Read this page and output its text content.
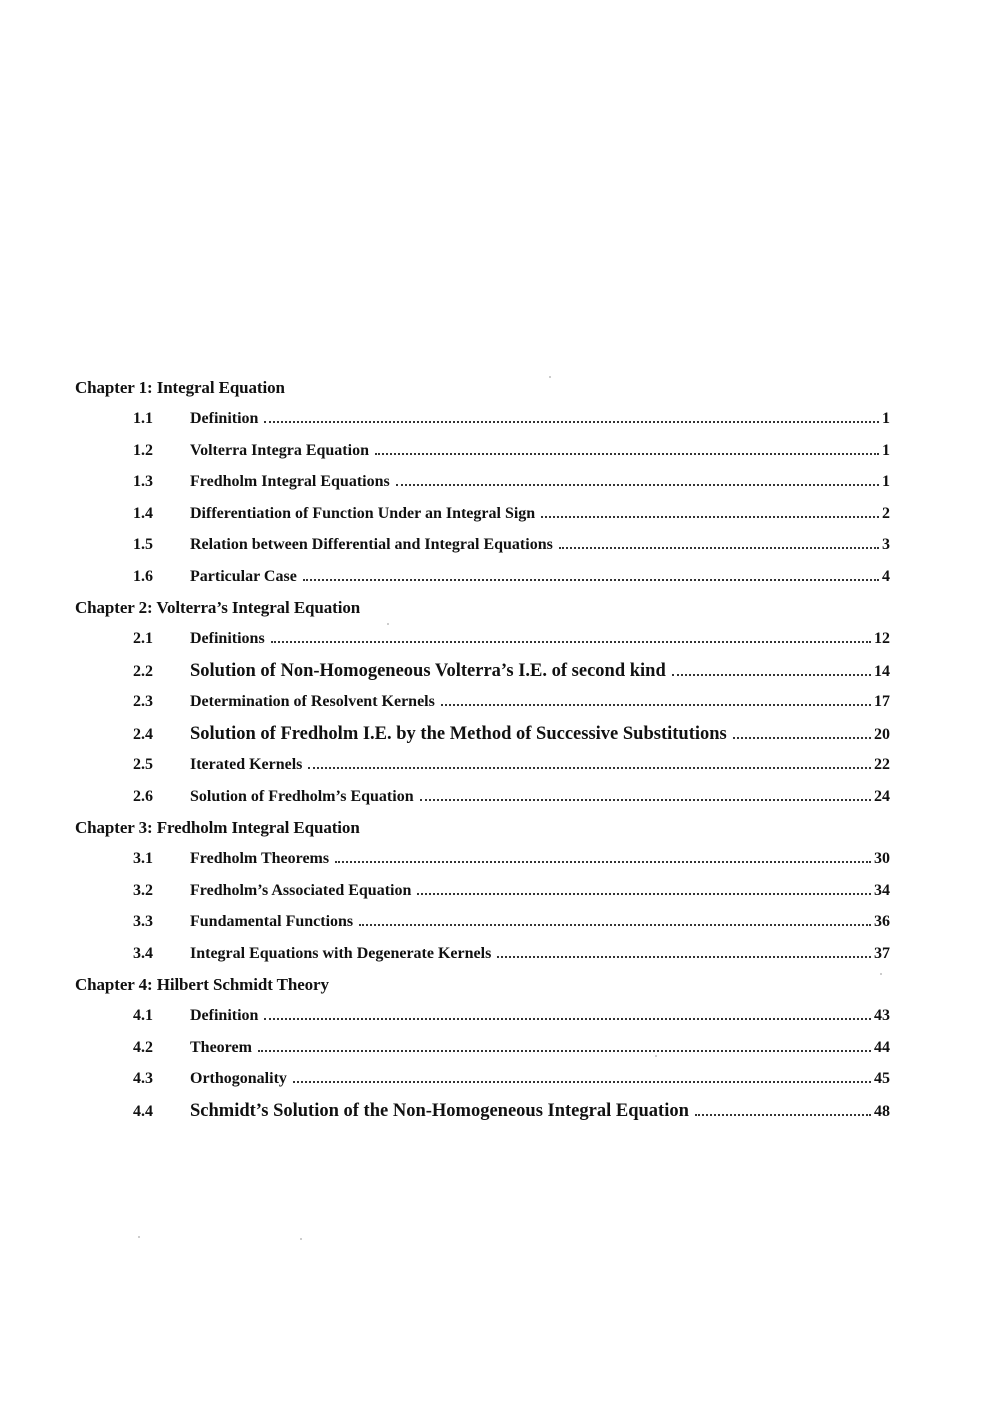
Chapter 1: Integral Equation
1.1	Definition	1
1.2	Volterra Integra Equation	1
1.3	Fredholm Integral Equations	1
1.4	Differentiation of Function Under an Integral Sign	2
1.5	Relation between Differential and Integral Equations	3
1.6	Particular Case	4
Chapter 2: Volterra’s Integral Equation
2.1	Definitions	12
2.2	Solution of Non-Homogeneous Volterra’s I.E. of second kind	14
2.3	Determination of Resolvent Kernels	17
2.4	Solution of Fredholm I.E. by the Method of Successive Substitutions	20
2.5	Iterated Kernels	22
2.6	Solution of Fredholm’s Equation	24
Chapter 3: Fredholm Integral Equation
3.1	Fredholm Theorems	30
3.2	Fredholm’s Associated Equation	34
3.3	Fundamental Functions	36
3.4	Integral Equations with Degenerate Kernels	37
Chapter 4: Hilbert Schmidt Theory
4.1	Definition	43
4.2	Theorem	44
4.3	Orthogonality	45
4.4	Schmidt’s Solution of the Non-Homogeneous Integral Equation	48
